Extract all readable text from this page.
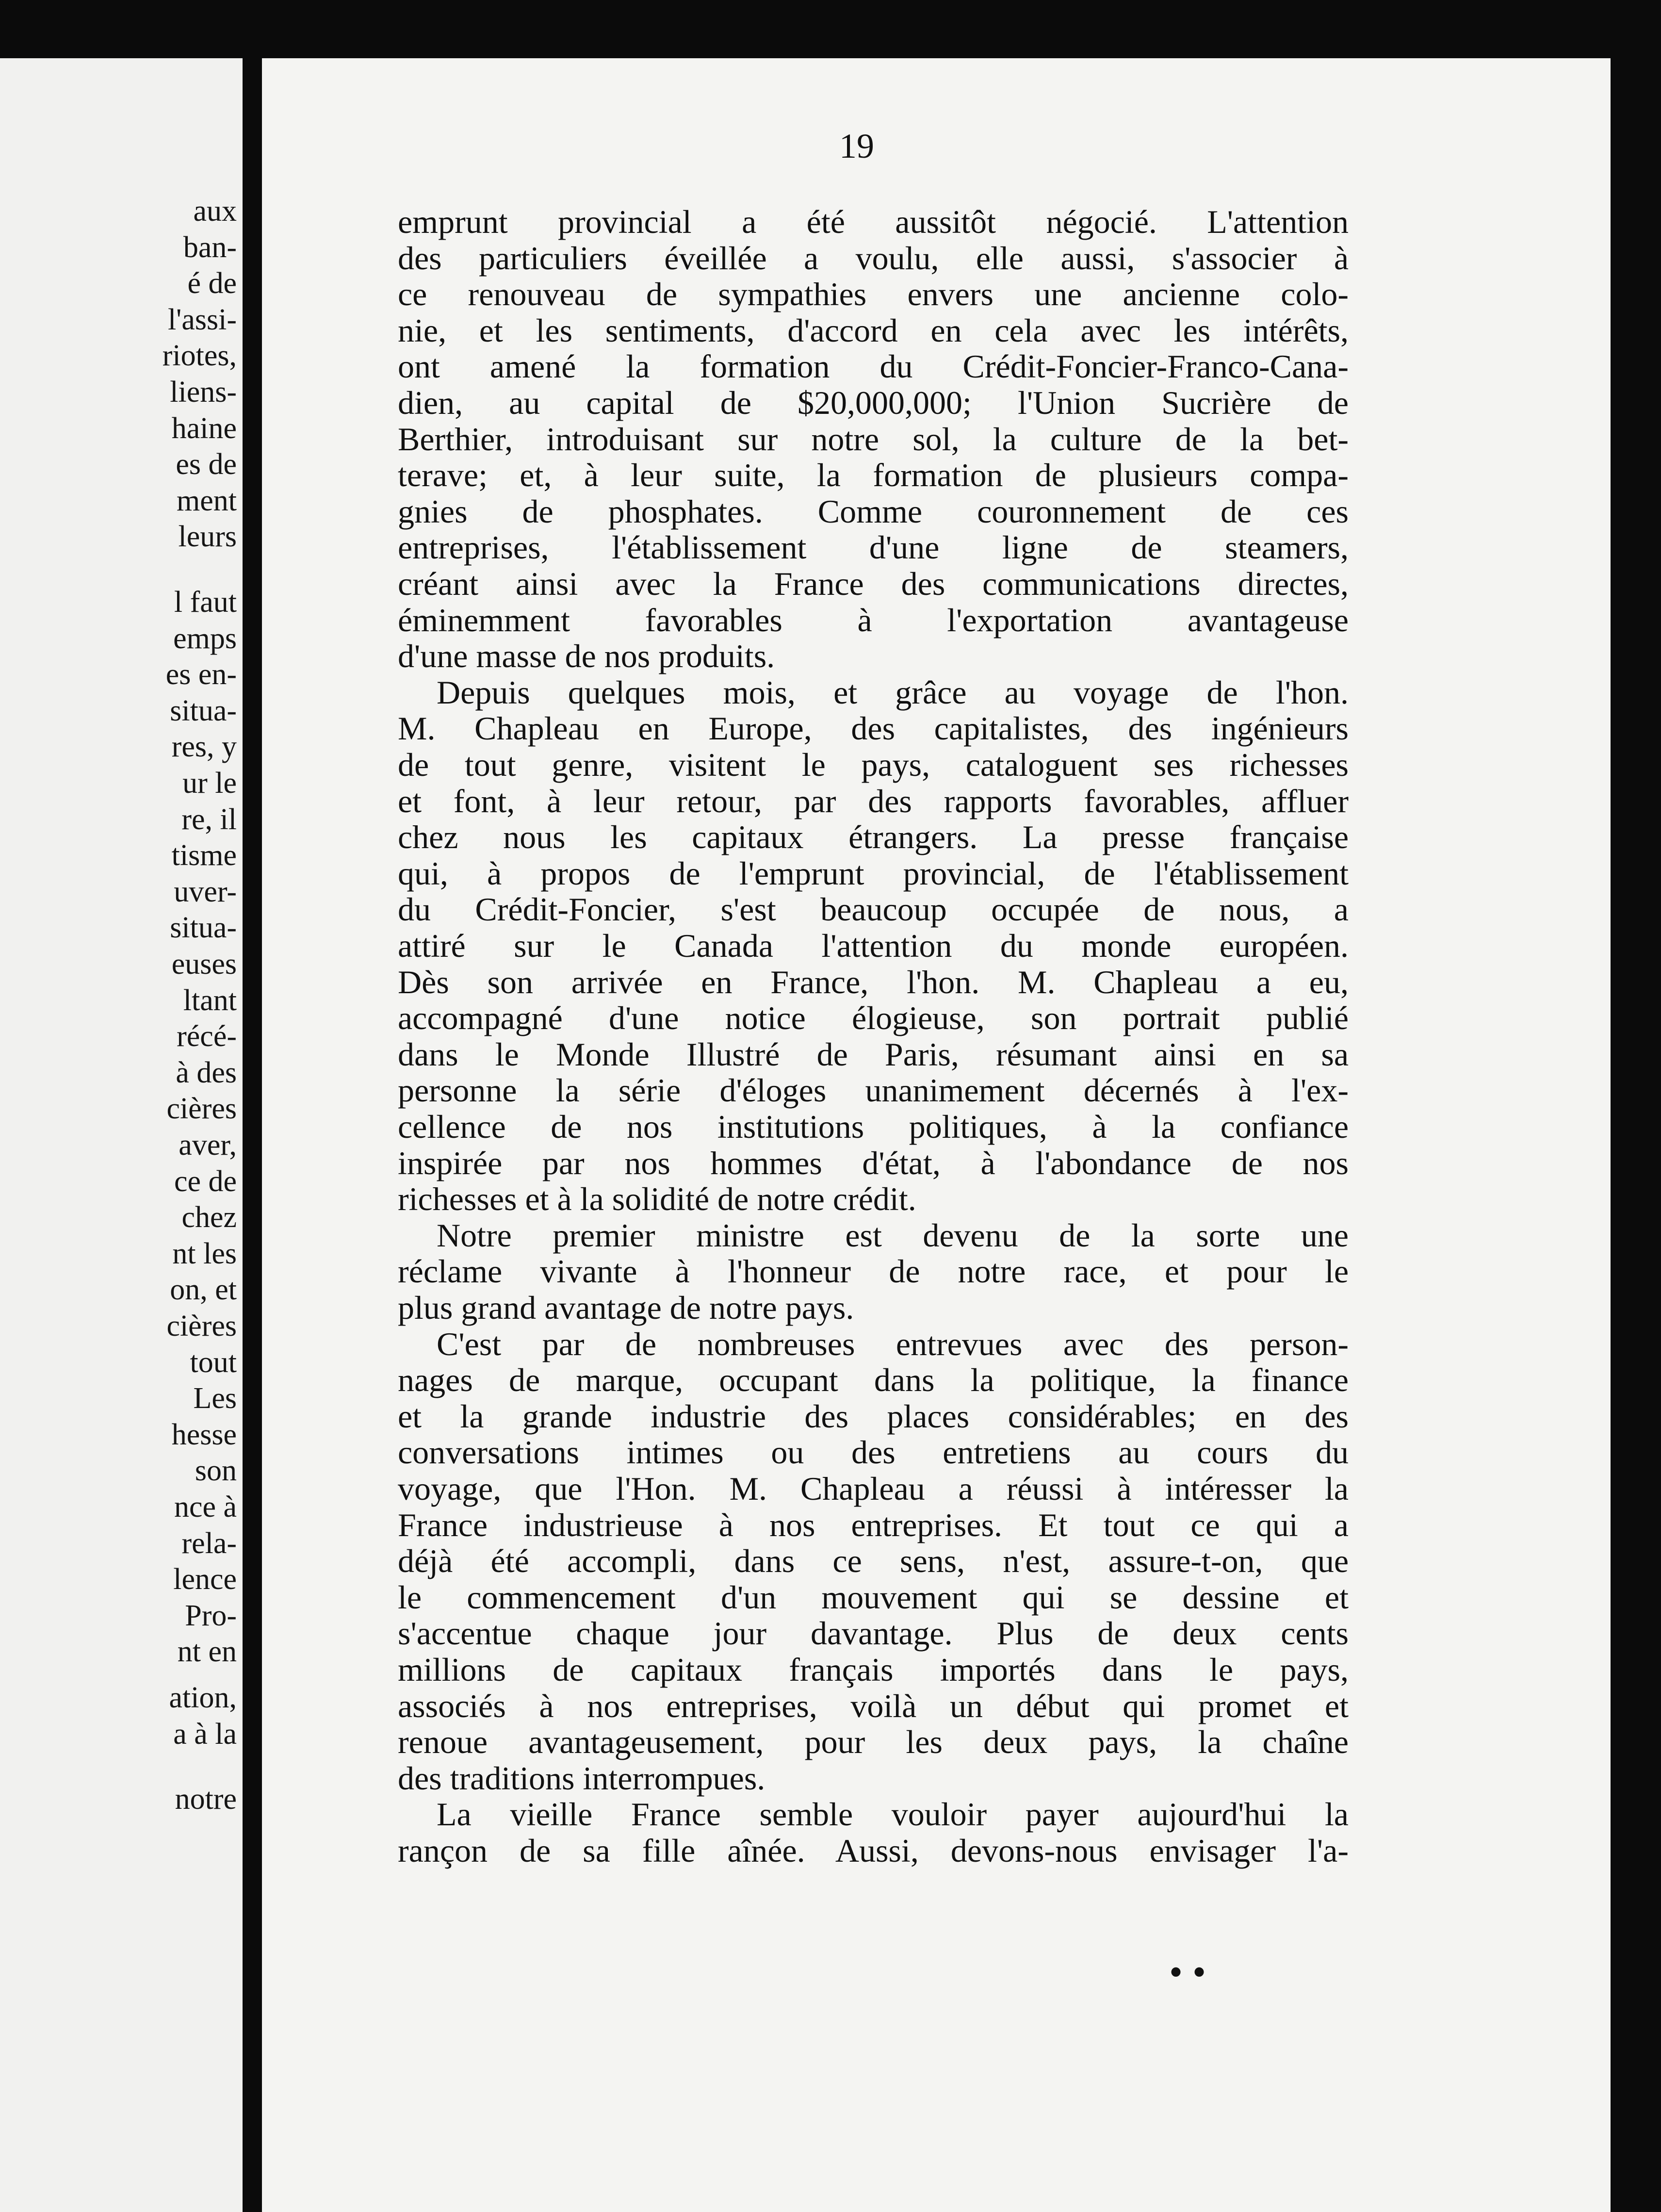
aux
ban-
é de
l'assi-
riotes,
liens-
haine
es de
ment
leurs
l faut
emps
es en-
situa-
res, y
ur le
re, il
tisme
uver-
situa-
euses
ltant
récé-
à des
cières
aver,
ce de
chez
nt les
on, et
cières
tout
Les
hesse
son
nce à
rela-
lence
Pro-
nt en
ation,
a à la
notre
19
• •
emprunt provincial a été aussitôt négocié. L'attention
des particuliers éveillée a voulu, elle aussi, s'associer à
ce renouveau de sympathies envers une ancienne colo-
nie, et les sentiments, d'accord en cela avec les intérêts,
ont amené la formation du Crédit-Foncier-Franco-Cana-
dien, au capital de $20,000,000; l'Union Sucrière de
Berthier, introduisant sur notre sol, la culture de la bet-
terave; et, à leur suite, la formation de plusieurs compa-
gnies de phosphates. Comme couronnement de ces
entreprises, l'établissement d'une ligne de steamers,
créant ainsi avec la France des communications directes,
éminemment favorables à l'exportation avantageuse
d'une masse de nos produits.
Depuis quelques mois, et grâce au voyage de l'hon.
M. Chapleau en Europe, des capitalistes, des ingénieurs
de tout genre, visitent le pays, cataloguent ses richesses
et font, à leur retour, par des rapports favorables, affluer
chez nous les capitaux étrangers. La presse française
qui, à propos de l'emprunt provincial, de l'établissement
du Crédit-Foncier, s'est beaucoup occupée de nous, a
attiré sur le Canada l'attention du monde européen.
Dès son arrivée en France, l'hon. M. Chapleau a eu,
accompagné d'une notice élogieuse, son portrait publié
dans le Monde Illustré de Paris, résumant ainsi en sa
personne la série d'éloges unanimement décernés à l'ex-
cellence de nos institutions politiques, à la confiance
inspirée par nos hommes d'état, à l'abondance de nos
richesses et à la solidité de notre crédit.
Notre premier ministre est devenu de la sorte une
réclame vivante à l'honneur de notre race, et pour le
plus grand avantage de notre pays.
C'est par de nombreuses entrevues avec des person-
nages de marque, occupant dans la politique, la finance
et la grande industrie des places considérables; en des
conversations intimes ou des entretiens au cours du
voyage, que l'Hon. M. Chapleau a réussi à intéresser la
France industrieuse à nos entreprises. Et tout ce qui a
déjà été accompli, dans ce sens, n'est, assure-t-on, que
le commencement d'un mouvement qui se dessine et
s'accentue chaque jour davantage. Plus de deux cents
millions de capitaux français importés dans le pays,
associés à nos entreprises, voilà un début qui promet et
renoue avantageusement, pour les deux pays, la chaîne
des traditions interrompues.
La vieille France semble vouloir payer aujourd'hui la
rançon de sa fille aînée. Aussi, devons-nous envisager l'a-
